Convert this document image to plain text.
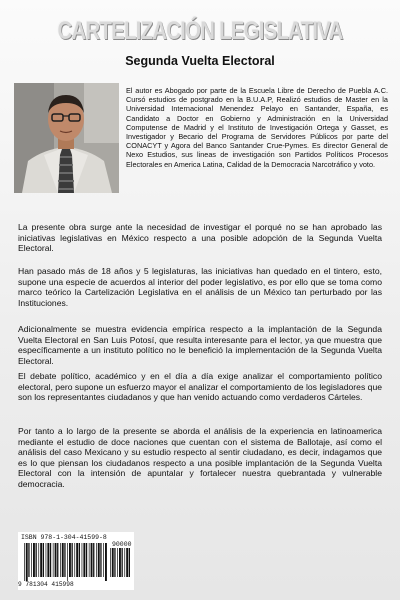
CARTELIZACIÓN LEGISLATIVA
Segunda Vuelta Electoral
El autor es Abogado por parte de la Escuela Libre de Derecho de Puebla A.C. Cursó estudios de postgrado en la B.U.A.P, Realizó estudios de Master en la Universidad Internacional Menendez Pelayo en Santander, España, es Candidato a Doctor en Gobierno y Administración en la Universidad Computense de Madrid y el Instituto de Investigación Ortega y Gasset, es Investigador y Becario del Programa de Servidores Públicos por parte del CONACYT y Agora del Banco Santander Crue-Pymes. Es director General de Nexo Estudios, sus lineas de investigación son Partidos Políticos Procesos Electorales en America Latina, Calidad de la Democracia Narcotráfico y voto.

La presente obra surge ante la necesidad de investigar el porqué no se han aprobado las iniciativas legislativas en México respecto a una posible adopción de la Segunda Vuelta Electoral.

Han pasado más de 18 años y 5 legislaturas, las iniciativas han quedado en el tintero, esto, supone una especie de acuerdos al interior del poder legislativo, es por ello que se toma como marco teórico la Cartelización Legislativa en el análisis de un México tan perturbado por las Instituciones.

Adicionalmente se muestra evidencia empírica respecto a la implantación de la Segunda Vuelta Electoral en San Luis Potosí, que resulta interesante para el lector, ya que muestra que específicamente a un instituto político no le benefició la implementación de la Segunda Vuelta Electoral.

El debate político, académico y en el día a día exige analizar el comportamiento político electoral, pero supone un esfuerzo mayor el analizar el comportamiento de los legisladores que son los representantes ciudadanos y que han venido actuando como verdaderos Cárteles.

Por tanto a lo largo de la presente se aborda el análisis de la experiencia en latinoamerica mediante el estudio de doce naciones que cuentan con el sistema de Ballotaje, así como el análisis del caso Mexicano y su estudio respecto al sentir ciudadano, es decir, indagamos que es lo que piensan los ciudadanos respecto a una posible implantación de la Segunda Vuelta Electoral con la intensión de apuntalar y fortalecer nuestra quebrantada y vulnerable democracia.

ISBN 978-1-304-41599-8
90000
9 781304 415998
